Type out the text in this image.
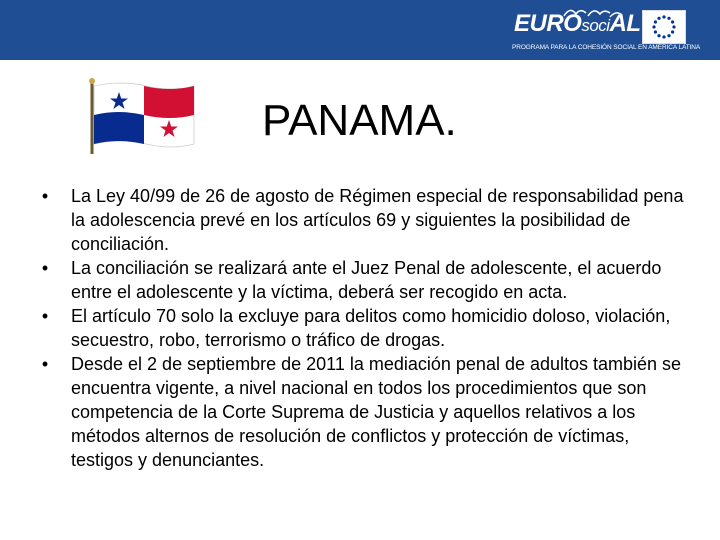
EUROsociAL
PROGRAMA PARA LA COHESIÓN SOCIAL EN AMÉRICA LATINA
PANAMA.
• La Ley 40/99 de 26 de agosto de Régimen especial de responsabilidad pena la adolescencia prevé en los artículos 69 y siguientes la posibilidad de conciliación.
• La conciliación se realizará ante el Juez Penal de adolescente, el acuerdo entre el adolescente y la víctima, deberá ser recogido en acta.
• El artículo 70 solo la excluye para delitos como homicidio doloso, violación, secuestro, robo, terrorismo o tráfico de drogas.
• Desde el 2 de septiembre de 2011 la mediación penal de adultos también se encuentra vigente, a nivel nacional en todos los procedimientos que son competencia de la Corte Suprema de Justicia y aquellos relativos a los métodos alternos de resolución de conflictos y protección de víctimas, testigos y denunciantes.
